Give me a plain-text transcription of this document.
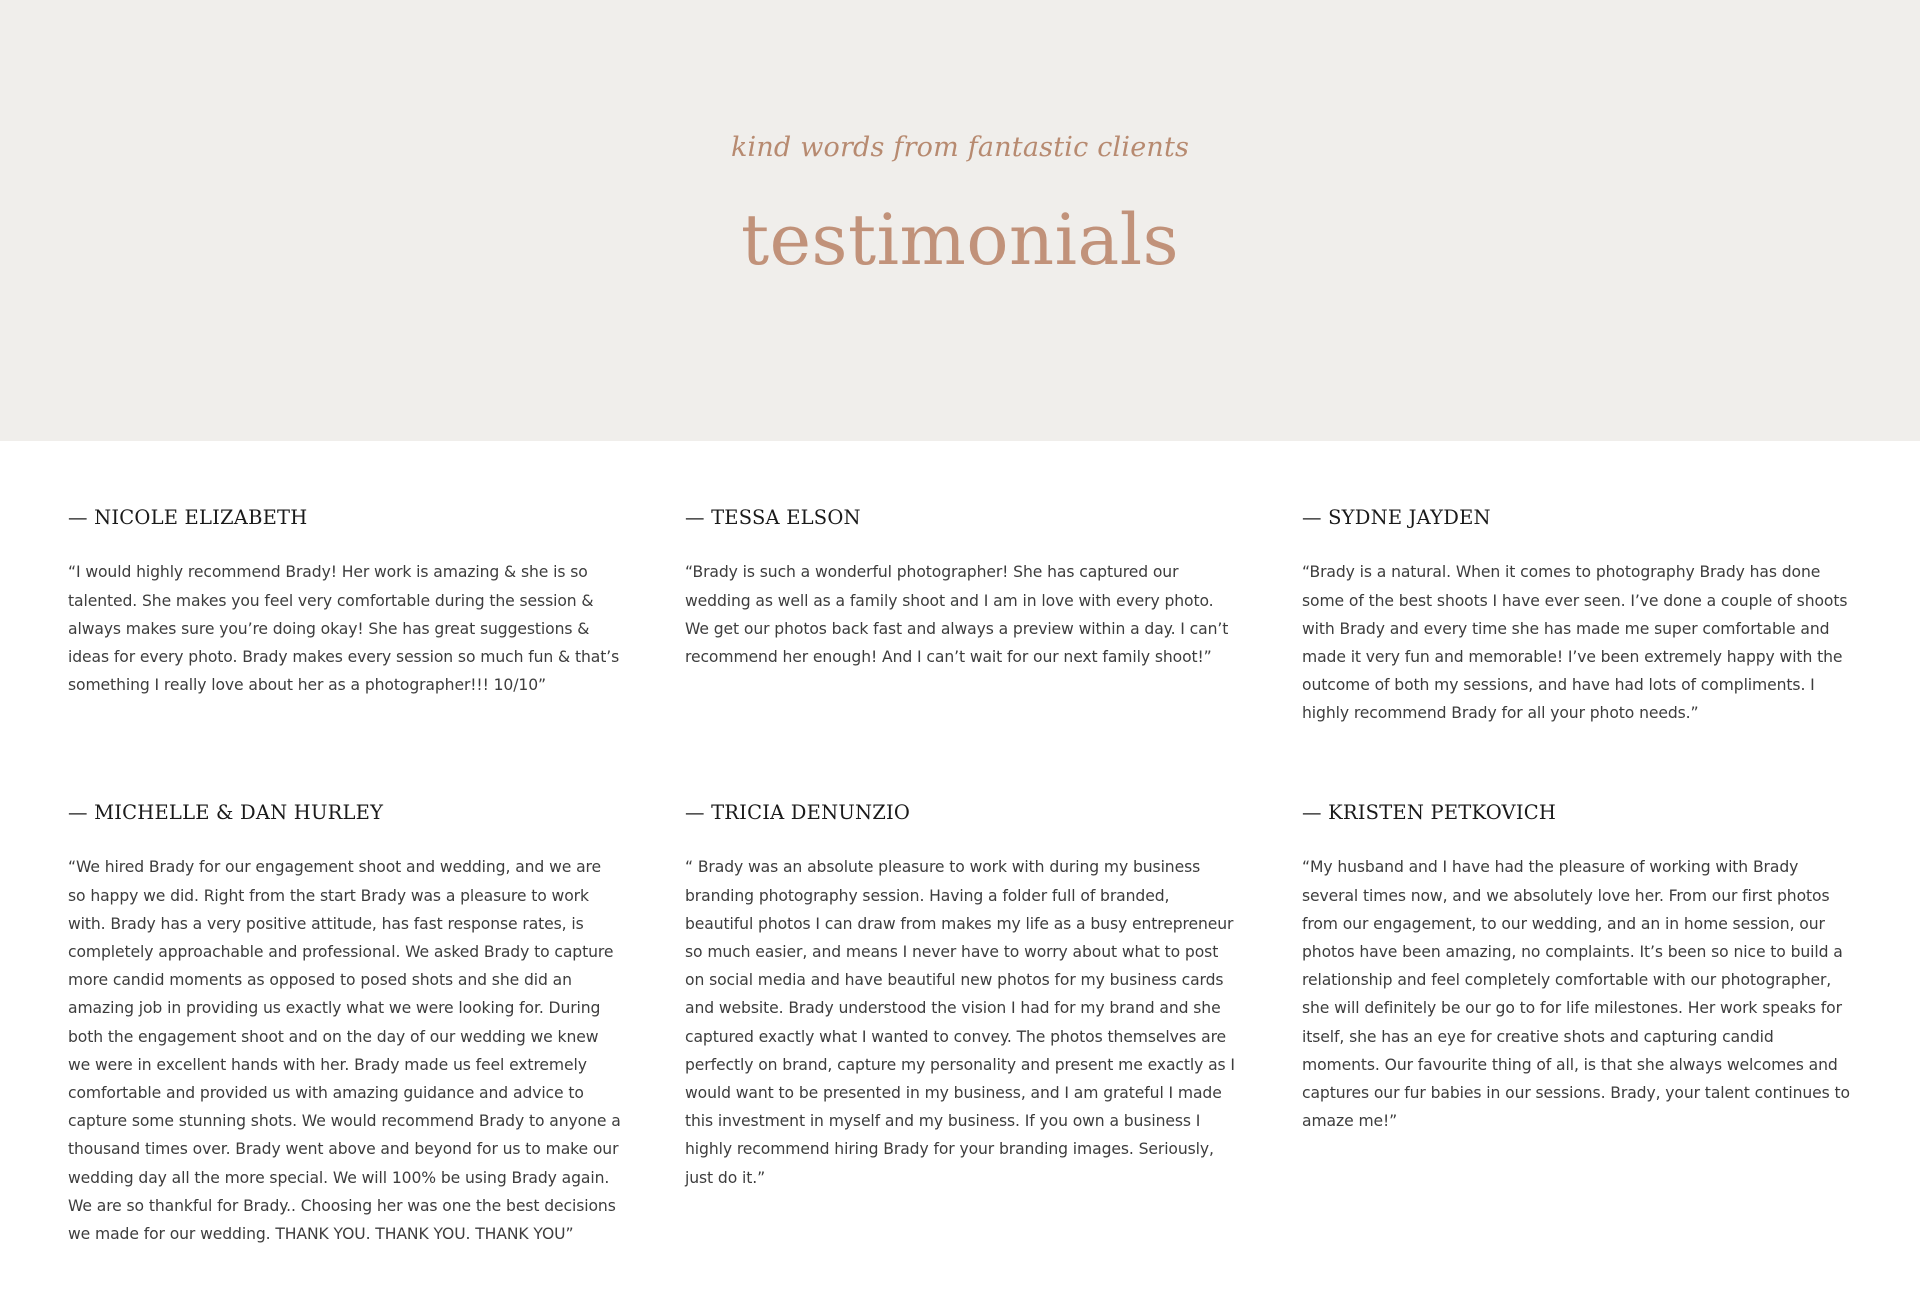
kind words from fantastic clients
testimonials
— NICOLE ELIZABETH

“I would highly recommend Brady! Her work is amazing & she is so talented. She makes you feel very comfortable during the session & always makes sure you’re doing okay! She has great suggestions & ideas for every photo. Brady makes every session so much fun & that’s something I really love about her as a photographer!!! 10/10”

— TESSA ELSON

“Brady is such a wonderful photographer! She has captured our wedding as well as a family shoot and I am in love with every photo. We get our photos back fast and always a preview within a day. I can’t recommend her enough! And I can’t wait for our next family shoot!”

— SYDNE JAYDEN

“Brady is a natural. When it comes to photography Brady has done some of the best shoots I have ever seen. I’ve done a couple of shoots with Brady and every time she has made me super comfortable and made it very fun and memorable! I’ve been extremely happy with the outcome of both my sessions, and have had lots of compliments. I highly recommend Brady for all your photo needs.”

— MICHELLE & DAN HURLEY

“We hired Brady for our engagement shoot and wedding, and we are so happy we did. Right from the start Brady was a pleasure to work with. Brady has a very positive attitude, has fast response rates, is completely approachable and professional. We asked Brady to capture more candid moments as opposed to posed shots and she did an amazing job in providing us exactly what we were looking for. During both the engagement shoot and on the day of our wedding we knew we were in excellent hands with her. Brady made us feel extremely comfortable and provided us with amazing guidance and advice to capture some stunning shots. We would recommend Brady to anyone a thousand times over. Brady went above and beyond for us to make our wedding day all the more special. We will 100% be using Brady again. We are so thankful for Brady.. Choosing her was one the best decisions we made for our wedding. THANK YOU. THANK YOU. THANK YOU”

— TRICIA DENUNZIO

“ Brady was an absolute pleasure to work with during my business branding photography session. Having a folder full of branded, beautiful photos I can draw from makes my life as a busy entrepreneur so much easier, and means I never have to worry about what to post on social media and have beautiful new photos for my business cards and website. Brady understood the vision I had for my brand and she captured exactly what I wanted to convey. The photos themselves are perfectly on brand, capture my personality and present me exactly as I would want to be presented in my business, and I am grateful I made this investment in myself and my business. If you own a business I highly recommend hiring Brady for your branding images. Seriously, just do it.”

— KRISTEN PETKOVICH

“My husband and I have had the pleasure of working with Brady several times now, and we absolutely love her. From our first photos from our engagement, to our wedding, and an in home session, our photos have been amazing, no complaints. It’s been so nice to build a relationship and feel completely comfortable with our photographer, she will definitely be our go to for life milestones. Her work speaks for itself, she has an eye for creative shots and capturing candid moments. Our favourite thing of all, is that she always welcomes and captures our fur babies in our sessions. Brady, your talent continues to amaze me!”
